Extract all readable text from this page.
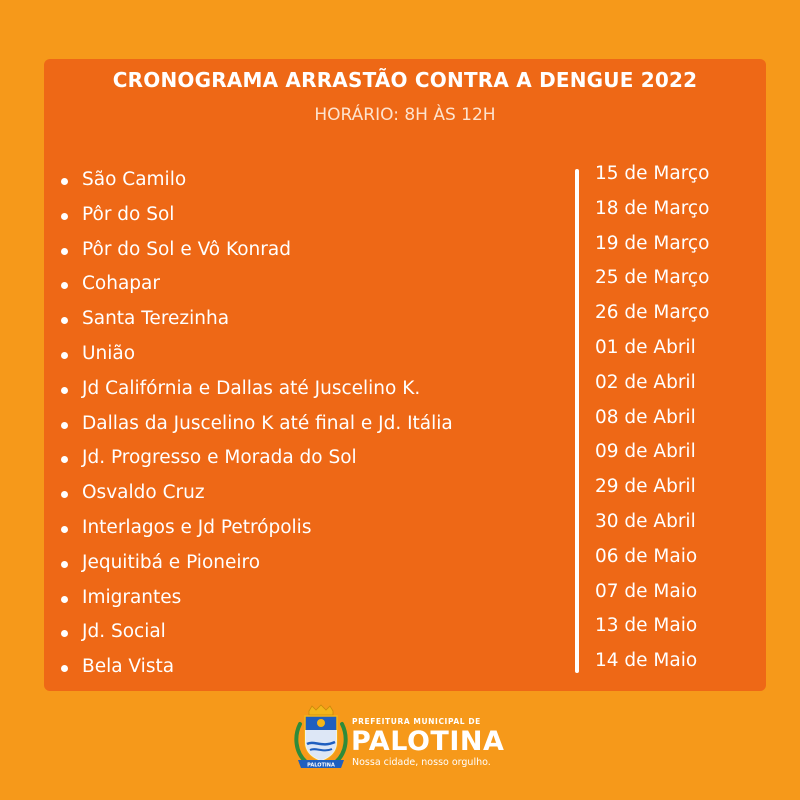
CRONOGRAMA ARRASTÃO CONTRA A DENGUE 2022
HORÁRIO: 8H ÀS 12H
São Camilo
Pôr do Sol
Pôr do Sol e Vô Konrad
Cohapar
Santa Terezinha
União
Jd Califórnia e Dallas até Juscelino K.
Dallas da Juscelino K até final e Jd. Itália
Jd. Progresso e Morada do Sol
Osvaldo Cruz
Interlagos e Jd Petrópolis
Jequitibá e Pioneiro
Imigrantes
Jd. Social
Bela Vista
15 de Março
18 de Março
19 de Março
25 de Março
26 de Março
01 de Abril
02 de Abril
08 de Abril
09 de Abril
29 de Abril
30 de Abril
06 de Maio
07 de Maio
13 de Maio
14 de Maio
PALOTINA
PREFEITURA MUNICIPAL DE
PALOTINA
Nossa cidade, nosso orgulho.
